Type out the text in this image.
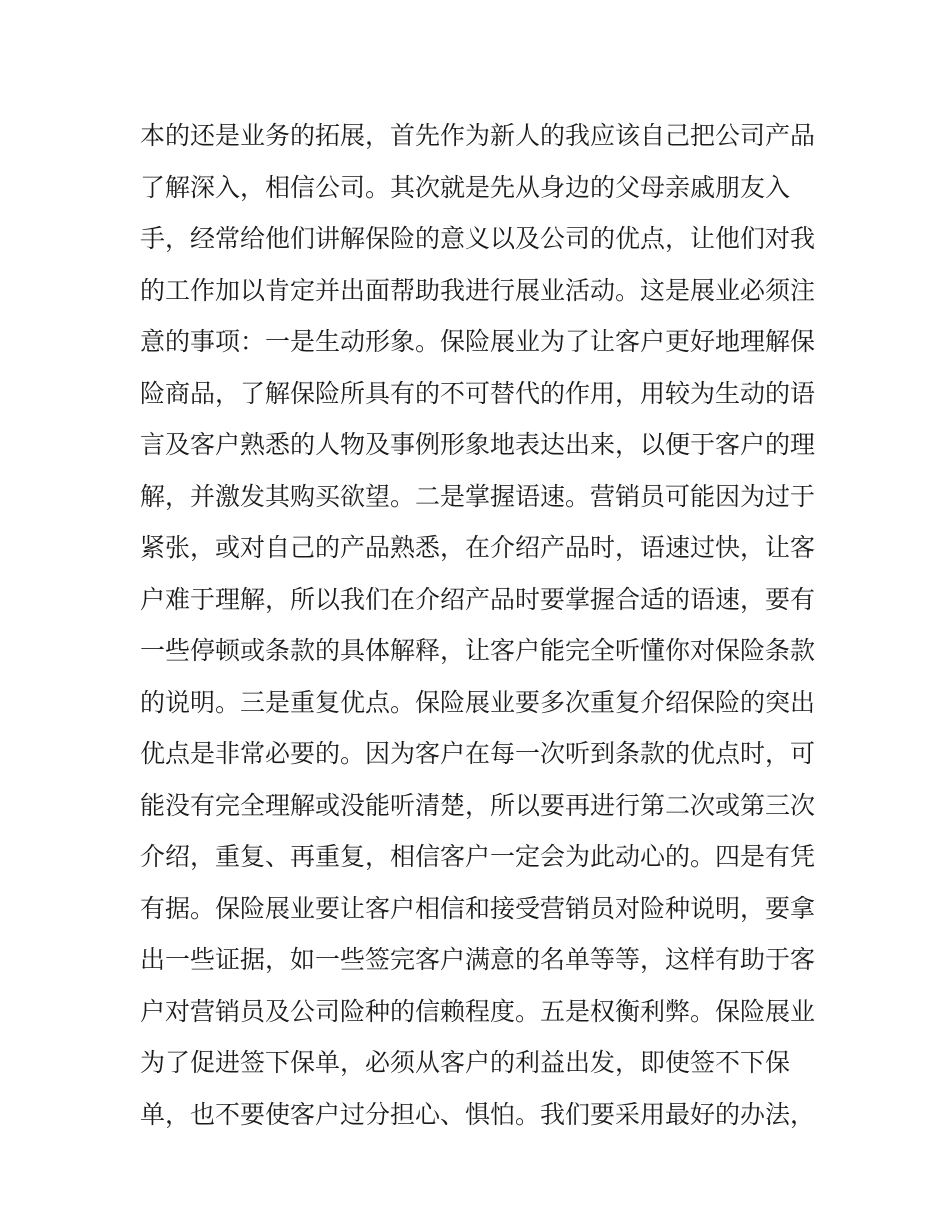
本的还是业务的拓展，首先作为新人的我应该自己把公司产品
了解深入，相信公司。其次就是先从身边的父母亲戚朋友入
手，经常给他们讲解保险的意义以及公司的优点，让他们对我
的工作加以肯定并出面帮助我进行展业活动。这是展业必须注
意的事项：一是生动形象。保险展业为了让客户更好地理解保
险商品，了解保险所具有的不可替代的作用，用较为生动的语
言及客户熟悉的人物及事例形象地表达出来，以便于客户的理
解，并激发其购买欲望。二是掌握语速。营销员可能因为过于
紧张，或对自己的产品熟悉，在介绍产品时，语速过快，让客
户难于理解，所以我们在介绍产品时要掌握合适的语速，要有
一些停顿或条款的具体解释，让客户能完全听懂你对保险条款
的说明。三是重复优点。保险展业要多次重复介绍保险的突出
优点是非常必要的。因为客户在每一次听到条款的优点时，可
能没有完全理解或没能听清楚，所以要再进行第二次或第三次
介绍，重复、再重复，相信客户一定会为此动心的。四是有凭
有据。保险展业要让客户相信和接受营销员对险种说明，要拿
出一些证据，如一些签完客户满意的名单等等，这样有助于客
户对营销员及公司险种的信赖程度。五是权衡利弊。保险展业
为了促进签下保单，必须从客户的利益出发，即使签不下保
单，也不要使客户过分担心、惧怕。我们要采用最好的办法，
